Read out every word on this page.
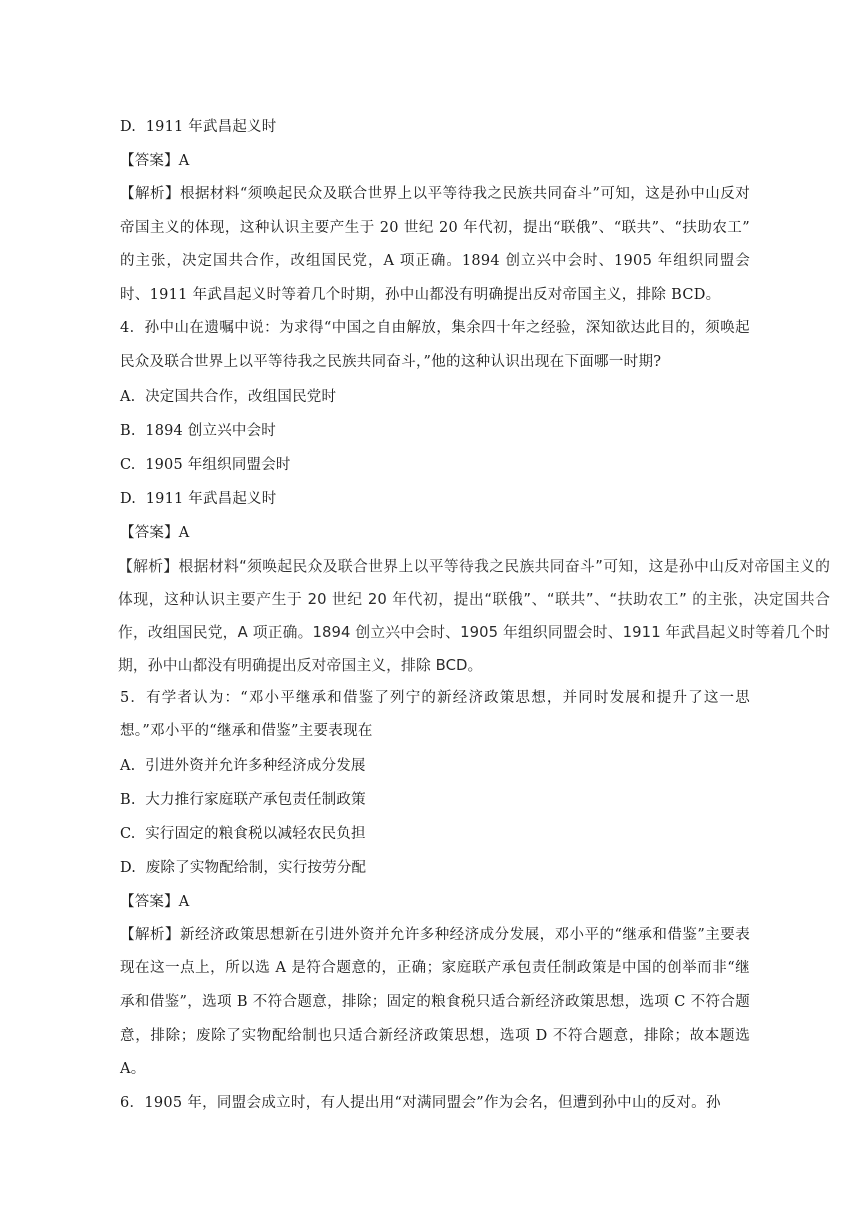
D.  1911 年武昌起义时
【答案】A
【解析】根据材料“须唤起民众及联合世界上以平等待我之民族共同奋斗”可知，这是孙中山反对帝国主义的体现，这种认识主要产生于 20 世纪 20 年代初，提出“联俄”、“联共”、“扶助农工” 的主张，决定国共合作，改组国民党，A 项正确。1894 创立兴中会时、1905 年组织同盟会时、1911 年武昌起义时等着几个时期，孙中山都没有明确提出反对帝国主义，排除 BCD。
4．孙中山在遗嘱中说：为求得“中国之自由解放，集余四十年之经验，深知欲达此目的，须唤起民众及联合世界上以平等待我之民族共同奋斗，”他的这种认识出现在下面哪一时期?
A.  决定国共合作，改组国民党时
B.  1894 创立兴中会时
C.  1905 年组织同盟会时
D.  1911 年武昌起义时
【答案】A
【解析】根据材料“须唤起民众及联合世界上以平等待我之民族共同奋斗”可知，这是孙中山反对帝国主义的体现，这种认识主要产生于 20 世纪 20 年代初，提出“联俄”、“联共”、“扶助农工” 的主张，决定国共合作，改组国民党，A 项正确。1894 创立兴中会时、1905 年组织同盟会时、1911 年武昌起义时等着几个时期，孙中山都没有明确提出反对帝国主义，排除 BCD。
5．有学者认为：“邓小平继承和借鉴了列宁的新经济政策思想，并同时发展和提升了这一思想。”邓小平的“继承和借鉴”主要表现在
A.  引进外资并允许多种经济成分发展
B.  大力推行家庭联产承包责任制政策
C.  实行固定的粮食税以减轻农民负担
D.  废除了实物配给制，实行按劳分配
【答案】A
【解析】新经济政策思想新在引进外资并允许多种经济成分发展，邓小平的“继承和借鉴”主要表现在这一点上，所以选 A 是符合题意的，正确；家庭联产承包责任制政策是中国的创举而非“继承和借鉴”，选项 B 不符合题意，排除；固定的粮食税只适合新经济政策思想，选项 C 不符合题意，排除；废除了实物配给制也只适合新经济政策思想，选项 D 不符合题意，排除；故本题选 A。
6．1905 年，同盟会成立时，有人提出用“对满同盟会”作为会名，但遭到孙中山的反对。孙
